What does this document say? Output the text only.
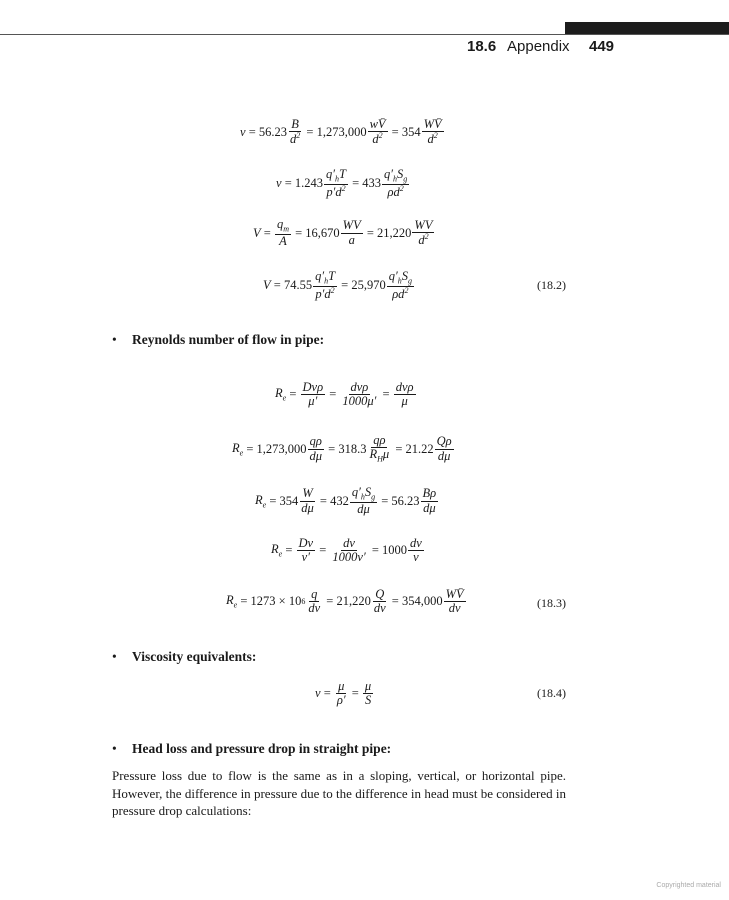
18.6 Appendix 449
v = 56.23
B
$d^2 = 1,273,000$
wV̄
$d^2 = 354$
WV̄
$d^2$
v = 1.243
$q'_hT$
$p'd^2 = 433$
$q'_hS_g$
$\rho d^2$
V =
$q_m$
A
= 16,670
WV
a = 21,220
WV
$d^2$
V = 74.55
$q'_hT$
$p'd^2 = 25,970$
$q'_hS_g$
$\rho d^2$	(18.2)
• Reynolds number of flow in pipe:
$R_e$ =
Dvρ
μ′ =
dvρ
1000μ′ =
dvρ
μ
$R_e = 1,273,000$
qρ
dμ = 318.3
qρ
$R_H\mu = 21.22$
Qρ
dμ
$R_e = 354$
W
dμ = 432
$q'_hS_g$
dμ
= 56.23
Bρ
dμ
$R_e$ =
Dv
v′ =
dv
1000v′ = 1000
dv
v
$R_e = 1273 \times 10$ 6
q
dv = 21,220
Q
dv = 354,000
WV̄
dv	(18.3)
• Viscosity equivalents:
v =
μ
ρ′ =
μ
S
(18.4)
• Head loss and pressure drop in straight pipe:
Pressure loss due to flow is the same as in a sloping, vertical, or horizontal pipe. However, the difference in pressure due to the difference in head must be considered in pressure drop calculations:
Copyrighted material
